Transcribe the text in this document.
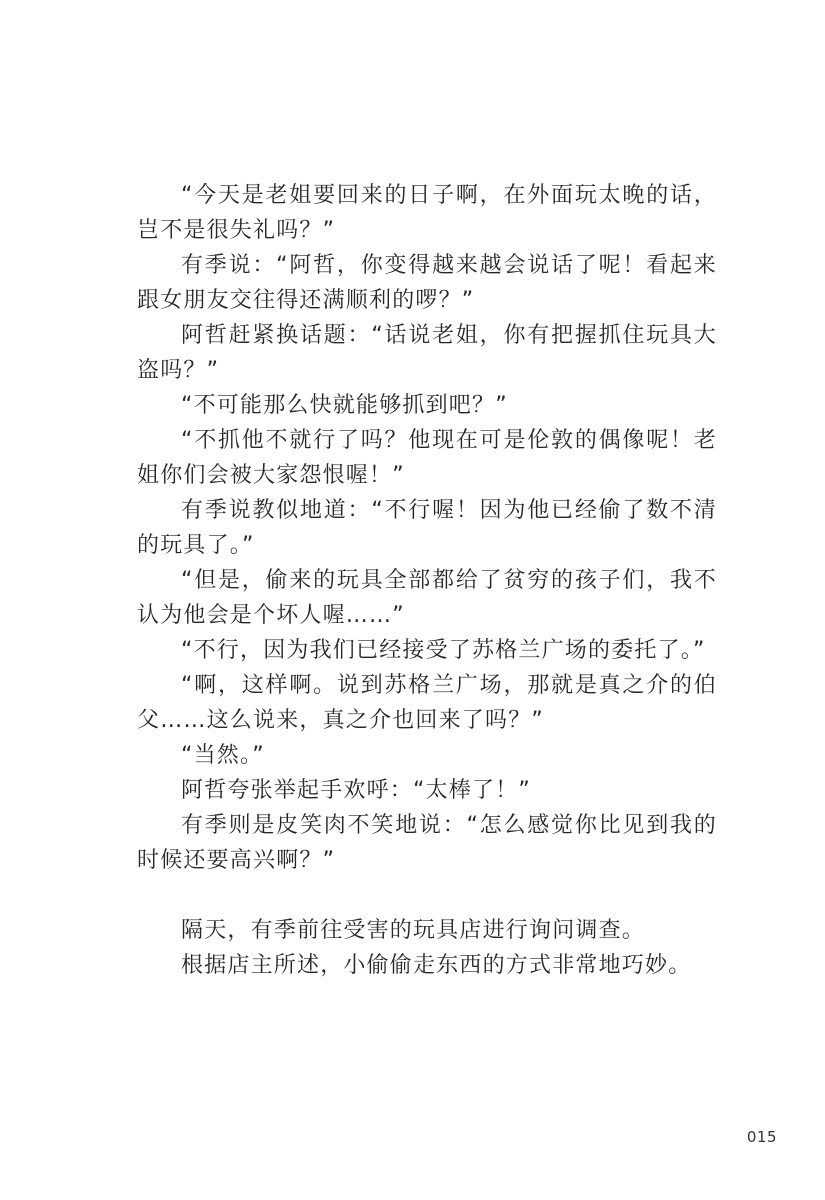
“今天是老姐要回来的日子啊，在外面玩太晚的话，岂不是很失礼吗？”

有季说：“阿哲，你变得越来越会说话了呢！看起来跟女朋友交往得还满顺利的啰？”

阿哲赶紧换话题：“话说老姐，你有把握抓住玩具大盗吗？”

“不可能那么快就能够抓到吧？”

“不抓他不就行了吗？他现在可是伦敦的偶像呢！老姐你们会被大家怨恨喔！”

有季说教似地道：“不行喔！因为他已经偷了数不清的玩具了。”

“但是，偷来的玩具全部都给了贫穷的孩子们，我不认为他会是个坏人喔……”

“不行，因为我们已经接受了苏格兰广场的委托了。”

“啊，这样啊。说到苏格兰广场，那就是真之介的伯父……这么说来，真之介也回来了吗？”

“当然。”

阿哲夸张举起手欢呼：“太棒了！”

有季则是皮笑肉不笑地说：“怎么感觉你比见到我的时候还要高兴啊？”

隔天，有季前往受害的玩具店进行询问调查。

根据店主所述，小偷偷走东西的方式非常地巧妙。

015
